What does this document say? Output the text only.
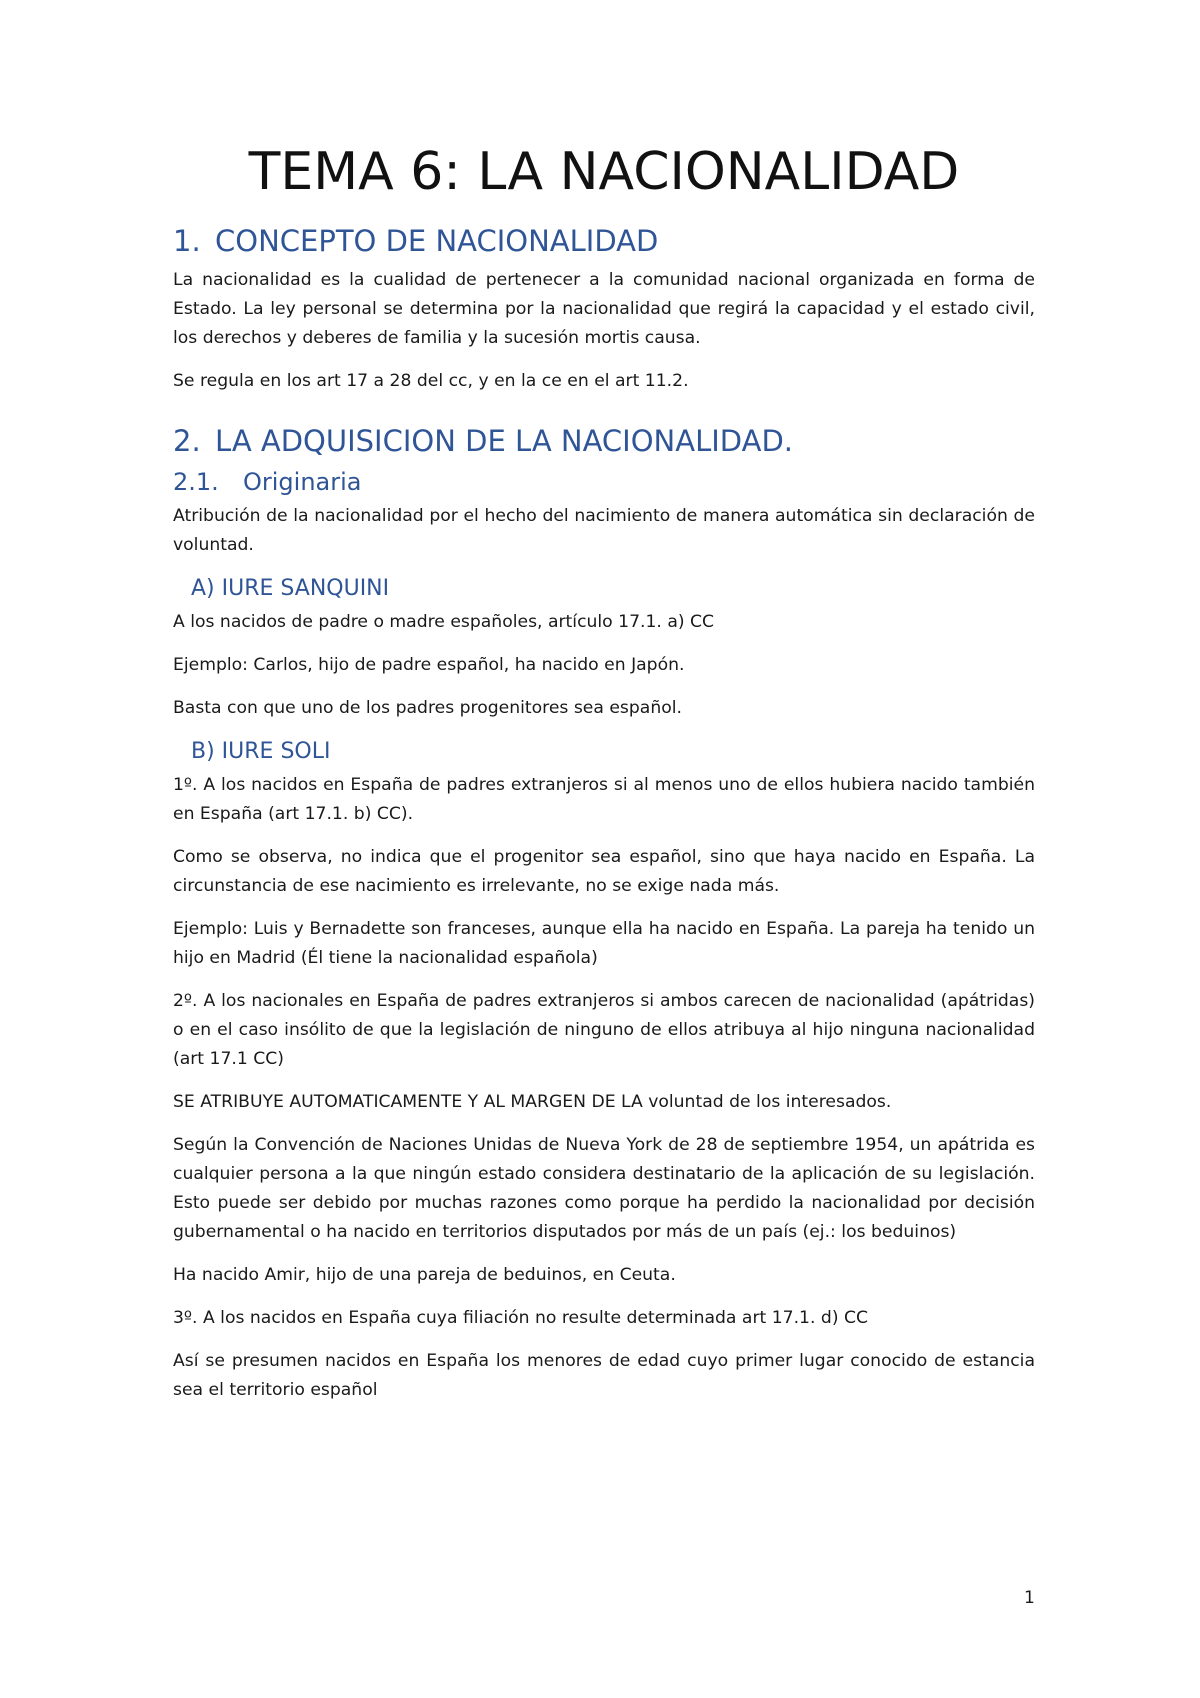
TEMA 6: LA NACIONALIDAD
1. CONCEPTO DE NACIONALIDAD

La nacionalidad es la cualidad de pertenecer a la comunidad nacional organizada en forma de Estado. La ley personal se determina por la nacionalidad que regirá la capacidad y el estado civil, los derechos y deberes de familia y la sucesión mortis causa.

Se regula en los art 17 a 28 del cc, y en la ce en el art 11.2.

2. LA ADQUISICION DE LA NACIONALIDAD.
2.1.	Originaria

Atribución de la nacionalidad por el hecho del nacimiento de manera automática sin declaración de voluntad.

A) IURE SANQUINI

A los nacidos de padre o madre españoles, artículo 17.1. a) CC

Ejemplo: Carlos, hijo de padre español, ha nacido en Japón.

Basta con que uno de los padres progenitores sea español.

B) IURE SOLI

1º. A los nacidos en España de padres extranjeros si al menos uno de ellos hubiera nacido también en España (art 17.1. b) CC).

Como se observa, no indica que el progenitor sea español, sino que haya nacido en España. La circunstancia de ese nacimiento es irrelevante, no se exige nada más.

Ejemplo: Luis y Bernadette son franceses, aunque ella ha nacido en España. La pareja ha tenido un hijo en Madrid (Él tiene la nacionalidad española)

2º. A los nacionales en España de padres extranjeros si ambos carecen de nacionalidad (apátridas) o en el caso insólito de que la legislación de ninguno de ellos atribuya al hijo ninguna nacionalidad (art 17.1 CC)

SE ATRIBUYE AUTOMATICAMENTE Y AL MARGEN DE LA voluntad de los interesados.

Según la Convención de Naciones Unidas de Nueva York de 28 de septiembre 1954, un apátrida es cualquier persona a la que ningún estado considera destinatario de la aplicación de su legislación. Esto puede ser debido por muchas razones como porque ha perdido la nacionalidad por decisión gubernamental o ha nacido en territorios disputados por más de un país (ej.: los beduinos)

Ha nacido Amir, hijo de una pareja de beduinos, en Ceuta.

3º. A los nacidos en España cuya filiación no resulte determinada art 17.1. d) CC

Así se presumen nacidos en España los menores de edad cuyo primer lugar conocido de estancia sea el territorio español

1
